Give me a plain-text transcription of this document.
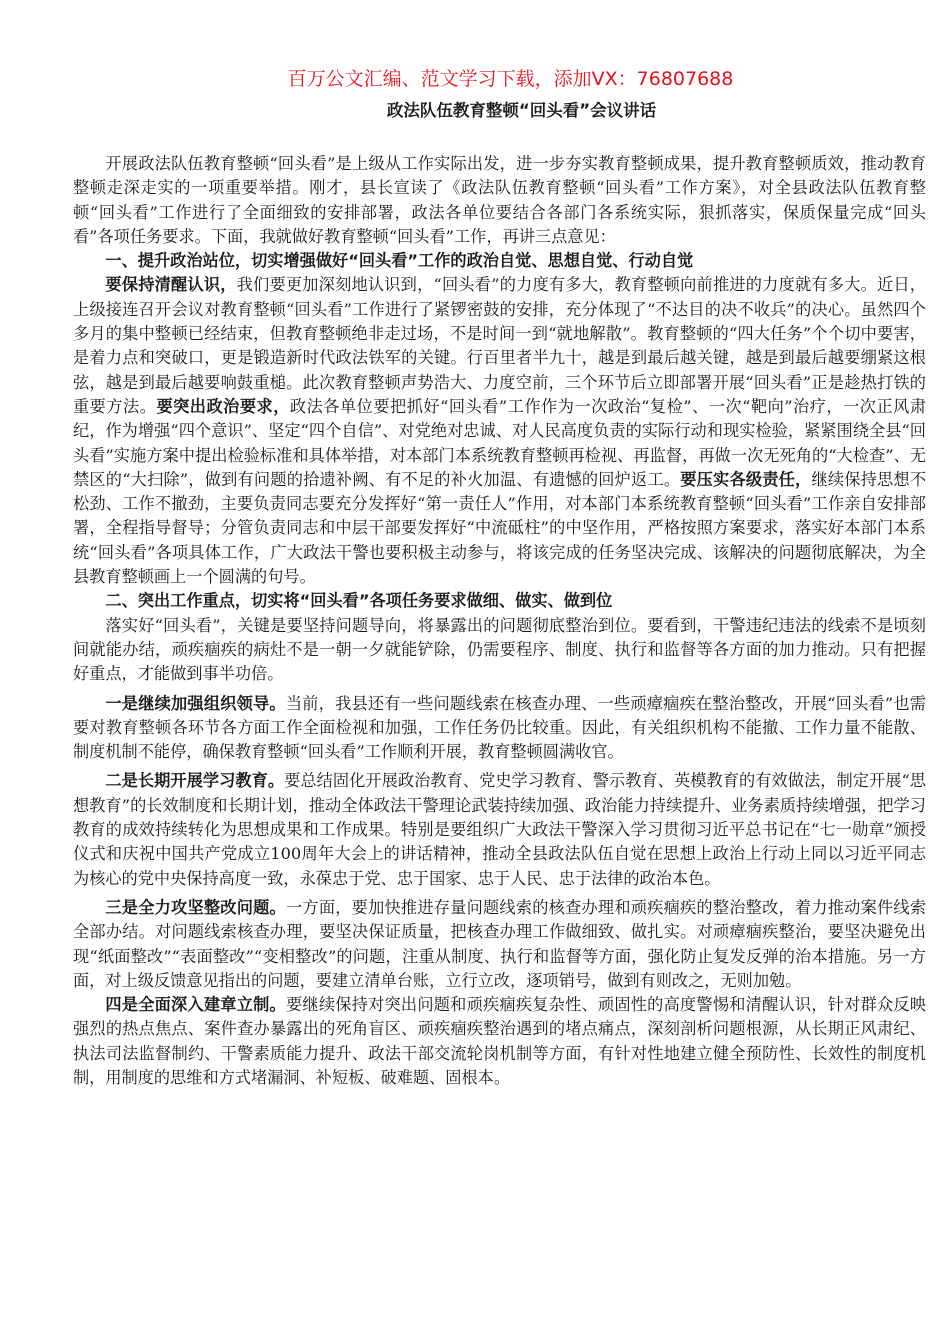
百万公文汇编、范文学习下载，添加VX：76807688
政法队伍教育整顿“回头看”会议讲话

开展政法队伍教育整顿“回头看”是上级从工作实际出发，进一步夯实教育整顿成果，提升教育整顿质效，推动教育整顿走深走实的一项重要举措。刚才，县长宣读了《政法队伍教育整顿“回头看”工作方案》，对全县政法队伍教育整顿“回头看”工作进行了全面细致的安排部署，政法各单位要结合各部门各系统实际，狠抓落实，保质保量完成“回头看”各项任务要求。下面，我就做好教育整顿“回头看”工作，再讲三点意见：

一、提升政治站位，切实增强做好“回头看”工作的政治自觉、思想自觉、行动自觉

要保持清醒认识，我们要更加深刻地认识到，“回头看”的力度有多大，教育整顿向前推进的力度就有多大。近日，上级接连召开会议对教育整顿“回头看”工作进行了紧锣密鼓的安排，充分体现了“不达目的决不收兵”的决心。虽然四个多月的集中整顿已经结束，但教育整顿绝非走过场，不是时间一到“就地解散”。教育整顿的“四大任务”个个切中要害，是着力点和突破口，更是锻造新时代政法铁军的关键。行百里者半九十，越是到最后越关键，越是到最后越要绷紧这根弦，越是到最后越要响鼓重槌。此次教育整顿声势浩大、力度空前，三个环节后立即部署开展“回头看”正是趁热打铁的重要方法。要突出政治要求，政法各单位要把抓好“回头看”工作作为一次政治“复检”、一次“靶向”治疗，一次正风肃纪，作为增强“四个意识”、坚定“四个自信”、对党绝对忠诚、对人民高度负责的实际行动和现实检验，紧紧围绕全县“回头看”实施方案中提出检验标准和具体举措，对本部门本系统教育整顿再检视、再监督，再做一次无死角的“大检查”、无禁区的“大扫除”，做到有问题的拾遗补阙、有不足的补火加温、有遗憾的回炉返工。要压实各级责任，继续保持思想不松劲、工作不撤劲，主要负责同志要充分发挥好“第一责任人”作用，对本部门本系统教育整顿“回头看”工作亲自安排部署，全程指导督导；分管负责同志和中层干部要发挥好“中流砥柱”的中坚作用，严格按照方案要求，落实好本部门本系统“回头看”各项具体工作，广大政法干警也要积极主动参与，将该完成的任务坚决完成、该解决的问题彻底解决，为全县教育整顿画上一个圆满的句号。

二、突出工作重点，切实将“回头看”各项任务要求做细、做实、做到位

落实好“回头看”，关键是要坚持问题导向，将暴露出的问题彻底整治到位。要看到，干警违纪违法的线索不是顷刻间就能办结，顽疾痼疾的病灶不是一朝一夕就能铲除，仍需要程序、制度、执行和监督等各方面的加力推动。只有把握好重点，才能做到事半功倍。

一是继续加强组织领导。当前，我县还有一些问题线索在核查办理、一些顽瘴痼疾在整治整改，开展“回头看”也需要对教育整顿各环节各方面工作全面检视和加强，工作任务仍比较重。因此，有关组织机构不能撤、工作力量不能散、制度机制不能停，确保教育整顿“回头看”工作顺利开展，教育整顿圆满收官。

二是长期开展学习教育。要总结固化开展政治教育、党史学习教育、警示教育、英模教育的有效做法，制定开展“思想教育”的长效制度和长期计划，推动全体政法干警理论武装持续加强、政治能力持续提升、业务素质持续增强，把学习教育的成效持续转化为思想成果和工作成果。特别是要组织广大政法干警深入学习贯彻习近平总书记在“七一勋章”颁授仪式和庆祝中国共产党成立100周年大会上的讲话精神，推动全县政法队伍自觉在思想上政治上行动上同以习近平同志为核心的党中央保持高度一致，永葆忠于党、忠于国家、忠于人民、忠于法律的政治本色。

三是全力攻坚整改问题。一方面，要加快推进存量问题线索的核查办理和顽疾痼疾的整治整改，着力推动案件线索全部办结。对问题线索核查办理，要坚决保证质量，把核查办理工作做细致、做扎实。对顽瘴痼疾整治，要坚决避免出现“纸面整改”“表面整改”“变相整改”的问题，注重从制度、执行和监督等方面，强化防止复发反弹的治本措施。另一方面，对上级反馈意见指出的问题，要建立清单台账，立行立改，逐项销号，做到有则改之，无则加勉。

四是全面深入建章立制。要继续保持对突出问题和顽疾痼疾复杂性、顽固性的高度警惕和清醒认识，针对群众反映强烈的热点焦点、案件查办暴露出的死角盲区、顽疾痼疾整治遇到的堵点痛点，深刻剖析问题根源，从长期正风肃纪、执法司法监督制约、干警素质能力提升、政法干部交流轮岗机制等方面，有针对性地建立健全预防性、长效性的制度机制，用制度的思维和方式堵漏洞、补短板、破难题、固根本。
